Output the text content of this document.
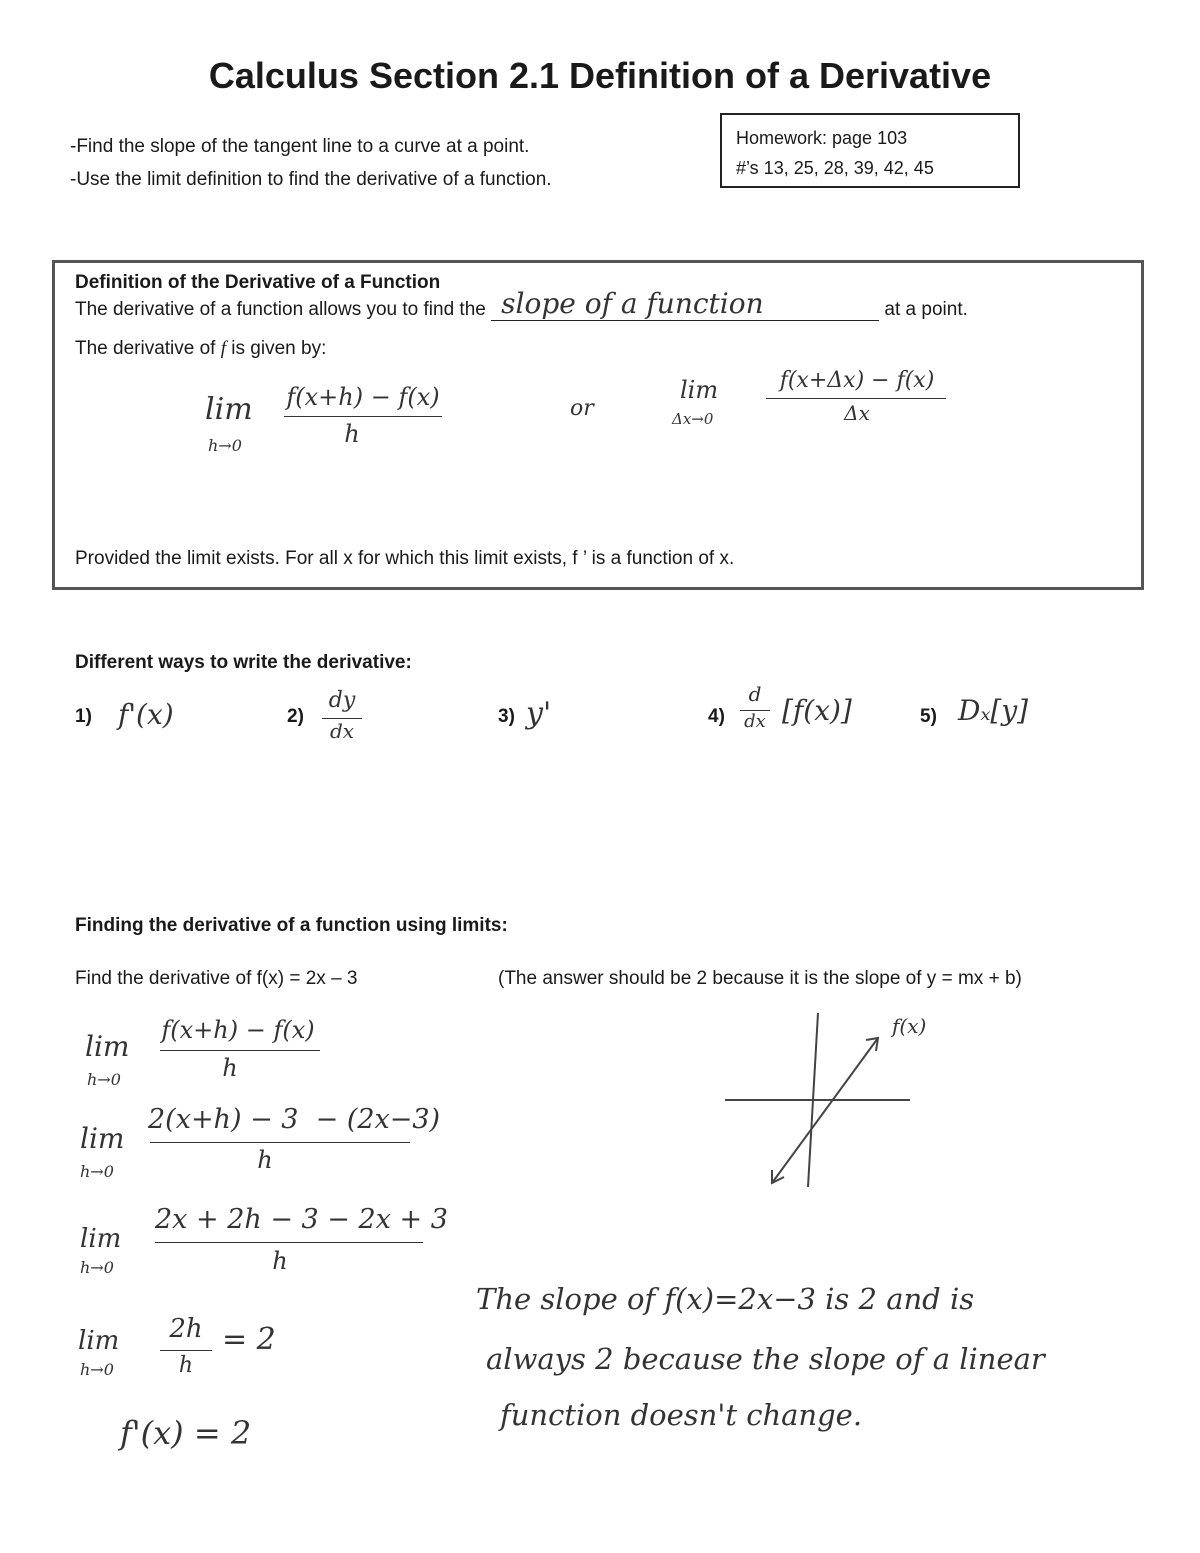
Calculus Section 2.1 Definition of a Derivative
-Find the slope of the tangent line to a curve at a point.
-Use the limit definition to find the derivative of a function.
Homework: page 103
#’s 13, 25, 28, 39, 42, 45
Definition of the Derivative of a Function
The derivative of a function allows you to find the slope of a function	at a point.
The derivative of f is given by:
lim
h→0
f(x+h) − f(x)
h
or
lim
Δx→0
f(x+Δx) − f(x)
Δx
Provided the limit exists. For all x for which this limit exists, f ’ is a function of x.
Different ways to write the derivative:
1) f'(x)	2)
dy
dx
3) y'	4)
d
dx [f(x)]	5) Dₓ[y]
Finding the derivative of a function using limits:
Find the derivative of f(x) = 2x – 3	(The answer should be 2 because it is the slope of y = mx + b)
lim
h→0
f(x+h) − f(x)
h
lim
h→0
2(x+h) − 3  − (2x−3)
h
lim
h→0
2x + 2h − 3 − 2x + 3
h
lim
h→0
2h
h
= 2
f'(x) = 2
f(x)
The slope of f(x)=2x−3 is 2 and is
always 2 because the slope of a linear
function doesn't change.
